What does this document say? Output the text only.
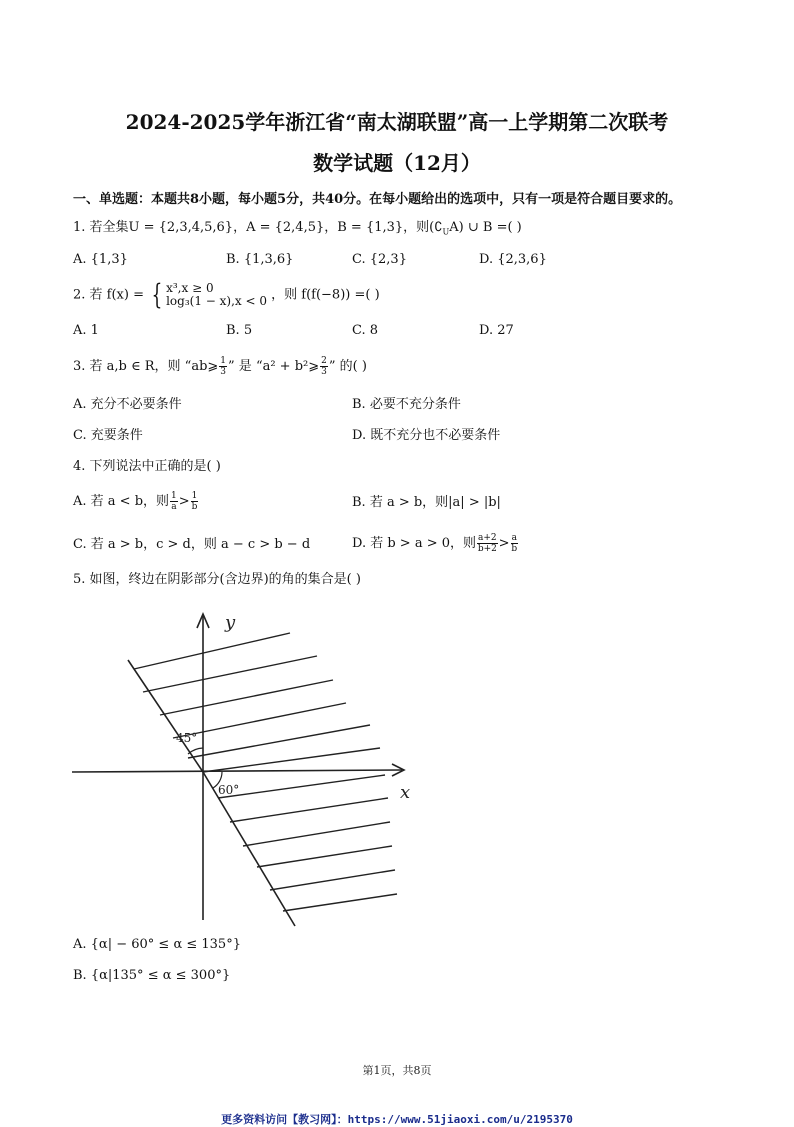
2024-2025学年浙江省“南太湖联盟”高一上学期第二次联考
数学试题（12月）
一、单选题：本题共8小题，每小题5分，共40分。在每小题给出的选项中，只有一项是符合题目要求的。
1. 若全集U = {2,3,4,5,6}，A = {2,4,5}，B = {1,3}，则$(∁_UA)$ ∪ B =( )
A. {1,3}	B. {1,3,6}	C. {2,3}	D. {2,3,6}
2. 若 f(x) = { x³,x ≥ 0
log₃(1 − x),x < 0 ，则 f(f(−8)) =( )
A. 1	B. 5	C. 8	D. 27
3. 若 a,b ∈ R，则 “ab⩾ $\frac{1}{3}$ ” 是 “a² + b²⩾ $\frac{2}{3}$ ” 的( )
A. 充分不必要条件	B. 必要不充分条件
C. 充要条件	D. 既不充分也不必要条件
4. 下列说法中正确的是( )
A. 若 a < b，则 $\frac{1}{a} > \frac{1}{b}$	B. 若 a > b，则|a| > |b|
C. 若 a > b，c > d，则 a − c > b − d	D. 若 b > a > 0，则 $\frac{a+2}{b+2} > \frac{a}{b}$
5. 如图，终边在阴影部分(含边界)的角的集合是( )
y
x
45°
60°
A. {α| − 60° ≤ α ≤ 135°}
B. {α|135° ≤ α ≤ 300°}
第1页，共8页
更多资料访问【教习网】：https://www.51jiaoxi.com/u/2195370
